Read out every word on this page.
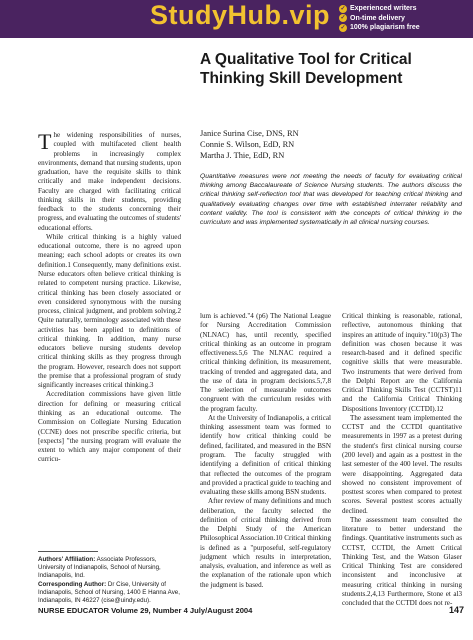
StudyHub.vip ✓ Experienced writers
✓ On-time delivery
✓ 100% plagiarism free
A Qualitative Tool for Critical Thinking Skill Development
Janice Surina Cise, DNS, RN
Connie S. Wilson, EdD, RN
Martha J. Thie, EdD, RN
Quantitative measures were not meeting the needs of faculty for evaluating critical thinking among Baccalaureate of Science Nursing students. The authors discuss the critical thinking self-reflection tool that was developed for teaching critical thinking and qualitatively evaluating changes over time with established interrater reliability and content validity. The tool is consistent with the concepts of critical thinking in the curriculum and was implemented systematically in all clinical nursing courses.

The widening responsibilities of nurses, coupled with multifaceted client health problems in increasingly complex environments, demand that nursing students, upon graduation, have the requisite skills to think critically and make independent decisions. Faculty are charged with facilitating critical thinking skills in their students, providing feedback to the students concerning their progress, and evaluating the outcomes of students' educational efforts.

While critical thinking is a highly valued educational outcome, there is no agreed upon meaning; each school adopts or creates its own definition.1 Consequently, many definitions exist. Nurse educators often believe critical thinking is related to competent nursing practice. Likewise, critical thinking has been closely associated or even considered synonymous with the nursing process, clinical judgment, and problem solving.2 Quite naturally, terminology associated with these activities has been applied to definitions of critical thinking. In addition, many nurse educators believe nursing students develop critical thinking skills as they progress through the program. However, research does not support the premise that a professional program of study significantly increases critical thinking.3

Accreditation commissions have given little direction for defining or measuring critical thinking as an educational outcome. The Commission on Collegiate Nursing Education (CCNE) does not prescribe specific criteria, but [expects] "the nursing program will evaluate the extent to which any major component of their curricu-

Authors' Affiliation: Associate Professors, University of Indianapolis, School of Nursing, Indianapolis, Ind.
Corresponding Author: Dr Cise, University of Indianapolis, School of Nursing, 1400 E Hanna Ave, Indianapolis, IN 46227 (cise@uindy.edu).

lum is achieved."4 (p6) The National League for Nursing Accreditation Commission (NLNAC) has, until recently, specified critical thinking as an outcome in program effectiveness.5,6 The NLNAC required a critical thinking definition, its measurement, tracking of trended and aggregated data, and the use of data in program decisions.5,7,8 The selection of measurable outcomes congruent with the curriculum resides with the program faculty.

At the University of Indianapolis, a critical thinking assessment team was formed to identify how critical thinking could be defined, facilitated, and measured in the BSN program. The faculty struggled with identifying a definition of critical thinking that reflected the outcomes of the program and provided a practical guide to teaching and evaluating these skills among BSN students.

After review of many definitions and much deliberation, the faculty selected the definition of critical thinking derived from the Delphi Study of the American Philosophical Association.10 Critical thinking is defined as a "purposeful, self-regulatory judgment which results in interpretation, analysis, evaluation, and inference as well as the explanation of the rationale upon which the judgment is based.

Critical thinking is reasonable, rational, reflective, autonomous thinking that inspires an attitude of inquiry."10(p3) The definition was chosen because it was research-based and it defined specific cognitive skills that were measurable. Two instruments that were derived from the Delphi Report are the California Critical Thinking Skills Test (CCTST)11 and the California Critical Thinking Dispositions Inventory (CCTDI).12

The assessment team implemented the CCTST and the CCTDI quantitative measurements in 1997 as a pretest during the student's first clinical nursing course (200 level) and again as a posttest in the last semester of the 400 level. The results were disappointing. Aggregated data showed no consistent improvement of posttest scores when compared to pretest scores. Several posttest scores actually declined.

The assessment team consulted the literature to better understand the findings. Quantitative instruments such as CCTST, CCTDI, the Arnett Critical Thinking Test, and the Watson Glaser Critical Thinking Test are considered inconsistent and inconclusive at measuring critical thinking in nursing students.2,4,13 Furthermore, Stone et al3 concluded that the CCTDI does not re-

NURSE EDUCATOR Volume 29, Number 4 July/August 2004	147
